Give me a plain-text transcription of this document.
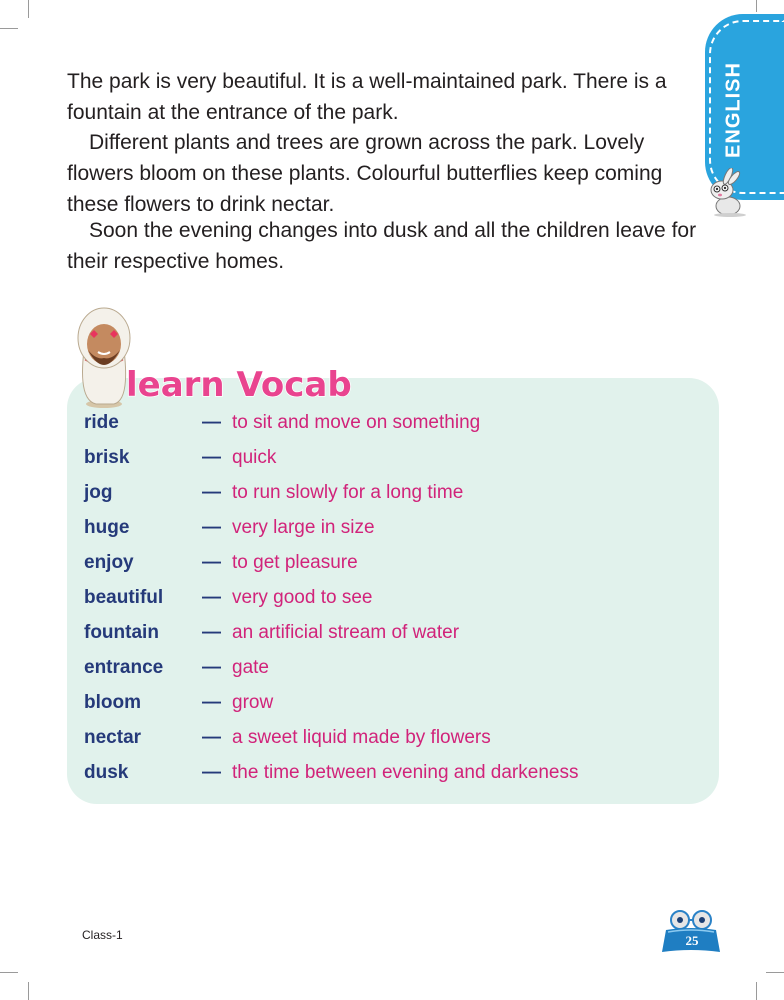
ENGLISH

The park is very beautiful. It is a well-maintained park. There is a fountain at the entrance of the park.

Different plants and trees are grown across the park. Lovely flowers bloom on these plants. Colourful butterflies keep coming these flowers to drink nectar.

Soon the evening changes into dusk and all the children leave for their respective homes.

learn Vocab
ride	— to sit and move on something
brisk	— quick
jog	— to run slowly for a long time
huge	— very large in size
enjoy	— to get pleasure
beautiful — very good to see
fountain — an artificial stream of water
entrance — gate
bloom	— grow
nectar	— a sweet liquid made by flowers
dusk	— the time between evening and darkeness
Class-1	25
